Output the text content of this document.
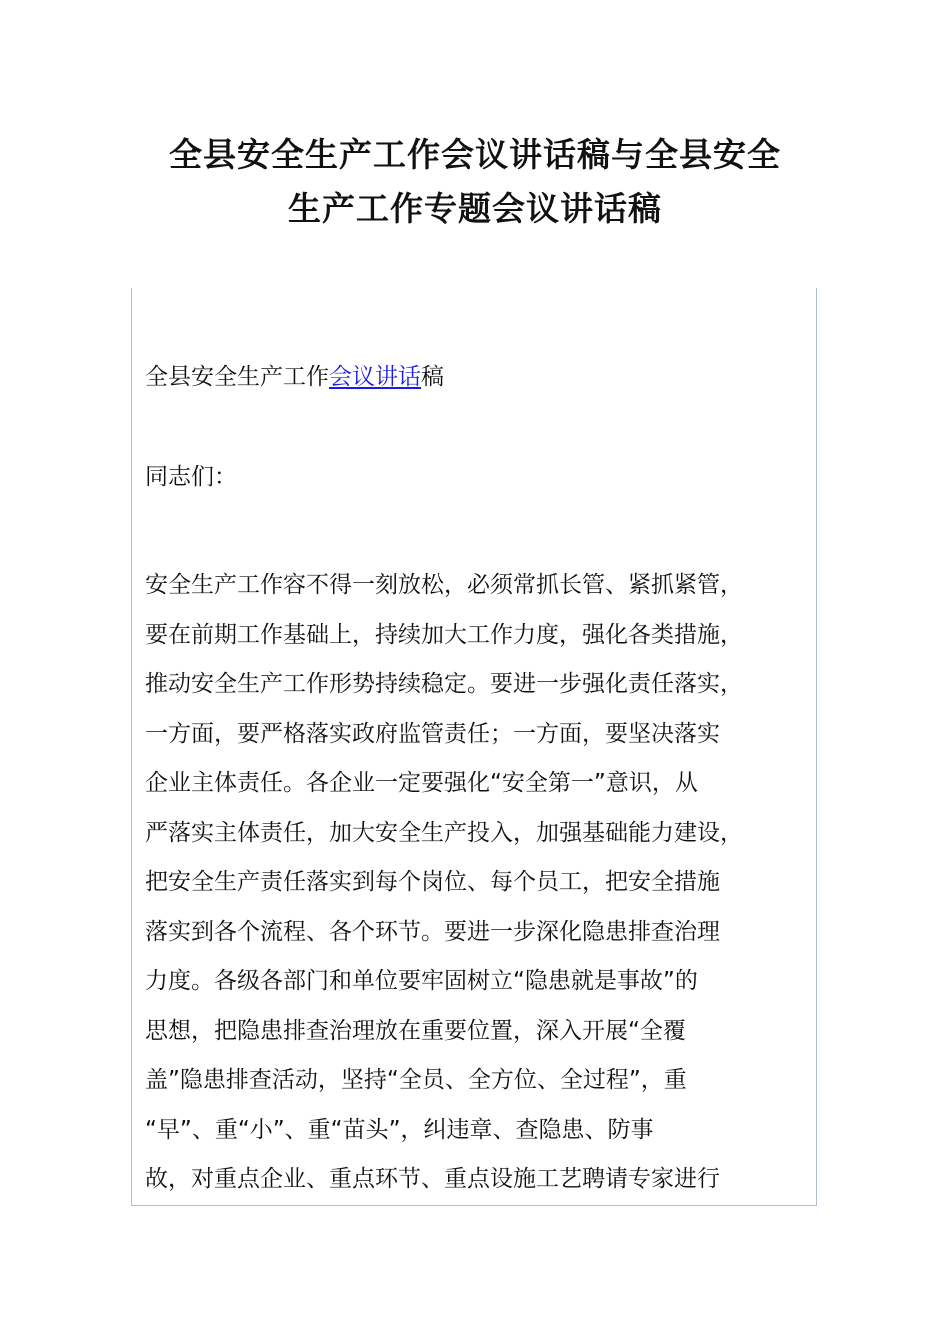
全县安全生产工作会议讲话稿与全县安全
生产工作专题会议讲话稿
全县安全生产工作会议讲话稿
同志们：
安全生产工作容不得一刻放松，必须常抓长管、紧抓紧管，
要在前期工作基础上，持续加大工作力度，强化各类措施，
推动安全生产工作形势持续稳定。要进一步强化责任落实，
一方面，要严格落实政府监管责任；一方面，要坚决落实
企业主体责任。各企业一定要强化“安全第一”意识，从
严落实主体责任，加大安全生产投入，加强基础能力建设，
把安全生产责任落实到每个岗位、每个员工，把安全措施
落实到各个流程、各个环节。要进一步深化隐患排查治理
力度。各级各部门和单位要牢固树立“隐患就是事故”的
思想，把隐患排查治理放在重要位置，深入开展“全覆
盖”隐患排查活动，坚持“全员、全方位、全过程”，重
“早”、重“小”、重“苗头”，纠违章、查隐患、防事
故，对重点企业、重点环节、重点设施工艺聘请专家进行
